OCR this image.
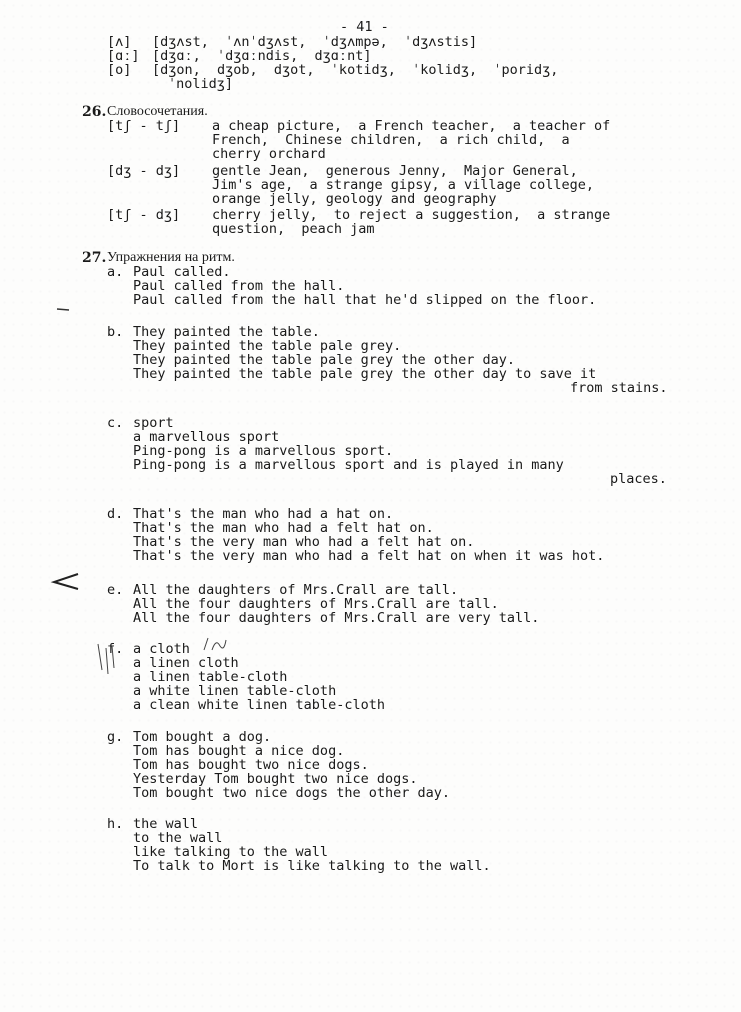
- 41 -
[ʌ] [dʒʌst,  ˈʌnˈdʒʌst,  ˈdʒʌmpə,  ˈdʒʌstis]
[ɑː] [dʒɑː,  ˈdʒɑːndis,  dʒɑːnt]
[o] [dʒon,  dʒob,  dʒot,  ˈkotidʒ,  ˈkolidʒ,  ˈporidʒ,
ˈnolidʒ]
26. Словосочетания.
[tʃ - tʃ] a cheap picture,  a French teacher,  a teacher of
French,  Chinese children,  a rich child,  a
cherry orchard
[dʒ - dʒ] gentle Jean,  generous Jenny,  Major General,
Jim's age,  a strange gipsy, a village college,
orange jelly, geology and geography
[tʃ - dʒ] cherry jelly,  to reject a suggestion,  a strange
question,  peach jam
27. Упражнения на ритм.
a. Paul called.
Paul called from the hall.
Paul called from the hall that he'd slipped on the floor.
b. They painted the table.
They painted the table pale grey.
They painted the table pale grey the other day.
They painted the table pale grey the other day to save it
from stains.
c. sport
a marvellous sport
Ping-pong is a marvellous sport.
Ping-pong is a marvellous sport and is played in many
places.
d. That's the man who had a hat on.
That's the man who had a felt hat on.
That's the very man who had a felt hat on.
That's the very man who had a felt hat on when it was hot.
e. All the daughters of Mrs.Crall are tall.
All the four daughters of Mrs.Crall are tall.
All the four daughters of Mrs.Crall are very tall.
f. a cloth
a linen cloth
a linen table-cloth
a white linen table-cloth
a clean white linen table-cloth
g. Tom bought a dog.
Tom has bought a nice dog.
Tom has bought two nice dogs.
Yesterday Tom bought two nice dogs.
Tom bought two nice dogs the other day.
h. the wall
to the wall
like talking to the wall
To talk to Mort is like talking to the wall.
